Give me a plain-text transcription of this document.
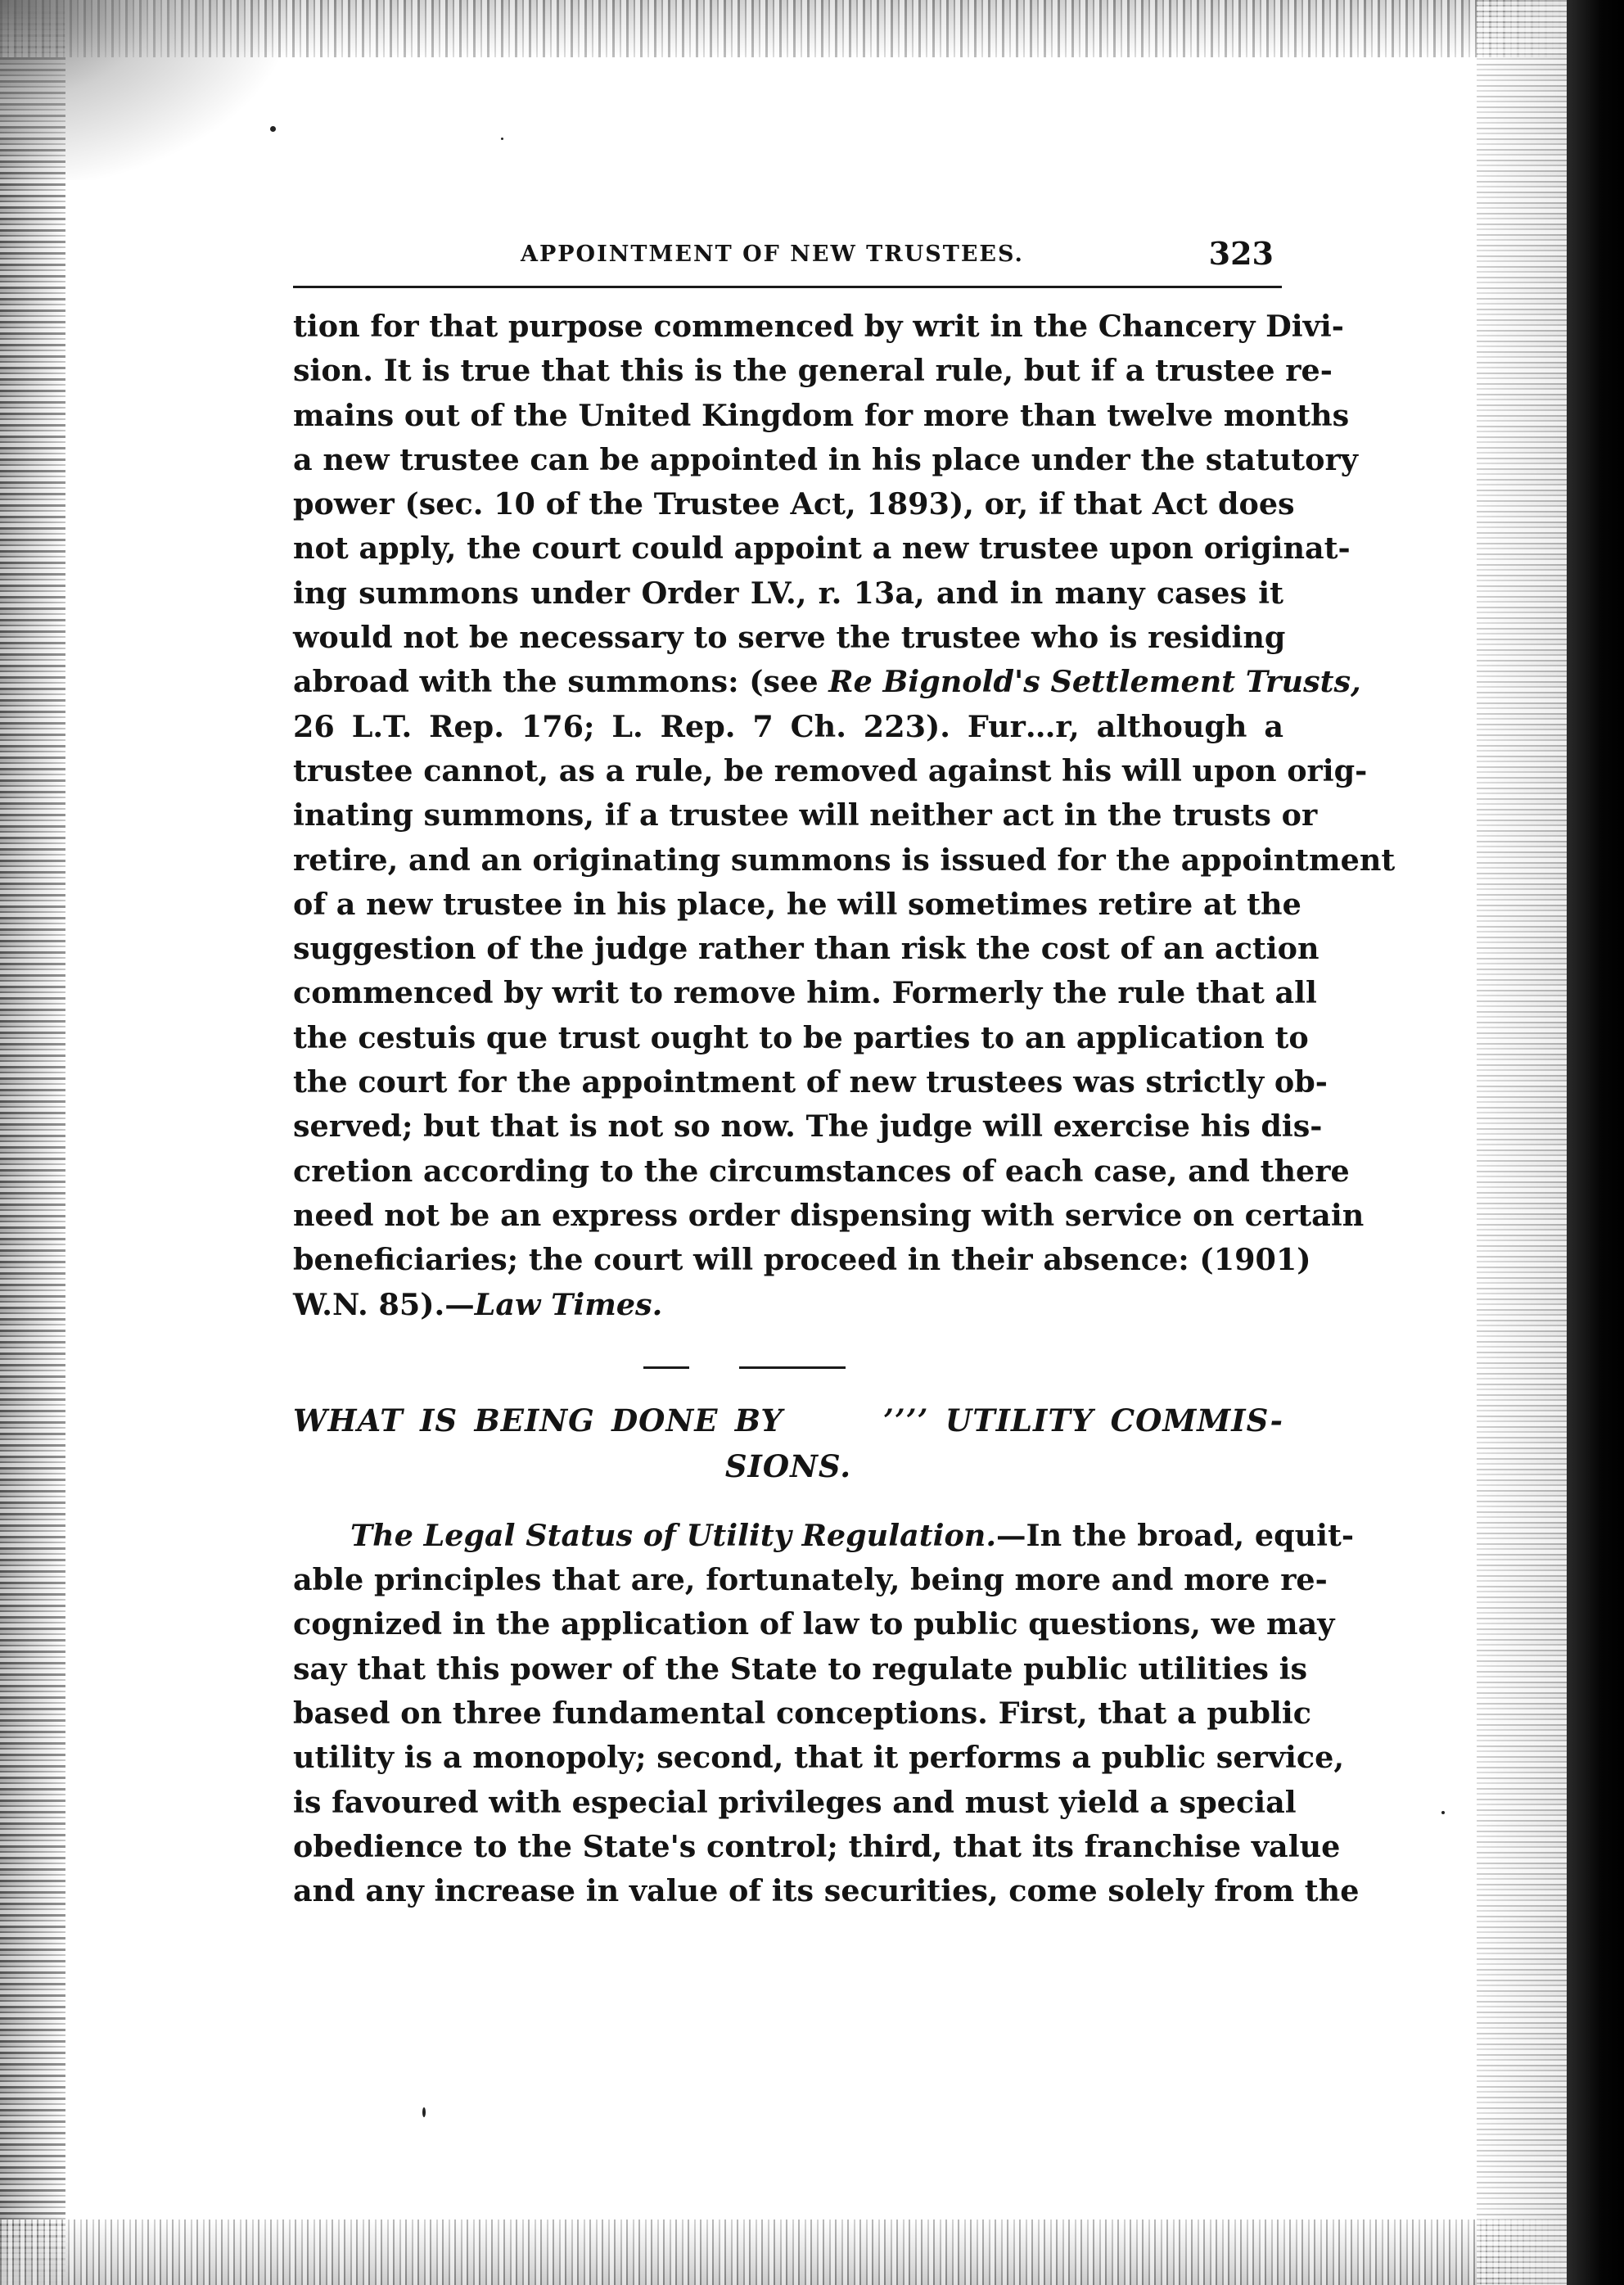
APPOINTMENT OF NEW TRUSTEES.	323
tion for that purpose commenced by writ in the Chancery Divi-
sion. It is true that this is the general rule, but if a trustee re-
mains out of the United Kingdom for more than twelve months
a new trustee can be appointed in his place under the statutory
power (sec. 10 of the Trustee Act, 1893), or, if that Act does
not apply, the court could appoint a new trustee upon originat-
ing summons under Order LV., r. 13a, and in many cases it
would not be necessary to serve the trustee who is residing
abroad with the summons: (see Re Bignold's Settlement Trusts,
26 L.T. Rep. 176; L. Rep. 7 Ch. 223). Fur…r, although a
trustee cannot, as a rule, be removed against his will upon orig-
inating summons, if a trustee will neither act in the trusts or
retire, and an originating summons is issued for the appointment
of a new trustee in his place, he will sometimes retire at the
suggestion of the judge rather than risk the cost of an action
commenced by writ to remove him. Formerly the rule that all
the cestuis que trust ought to be parties to an application to
the court for the appointment of new trustees was strictly ob-
served; but that is not so now. The judge will exercise his dis-
cretion according to the circumstances of each case, and there
need not be an express order dispensing with service on certain
beneficiaries; the court will proceed in their absence: (1901)
W.N. 85).—Law Times.
WHAT IS BEING DONE BY      ’’’’ UTILITY COMMIS-
SIONS.
The Legal Status of Utility Regulation.—In the broad, equit-
able principles that are, fortunately, being more and more re-
cognized in the application of law to public questions, we may
say that this power of the State to regulate public utilities is
based on three fundamental conceptions. First, that a public
utility is a monopoly; second, that it performs a public service,
is favoured with especial privileges and must yield a special
obedience to the State's control; third, that its franchise value
and any increase in value of its securities, come solely from the
